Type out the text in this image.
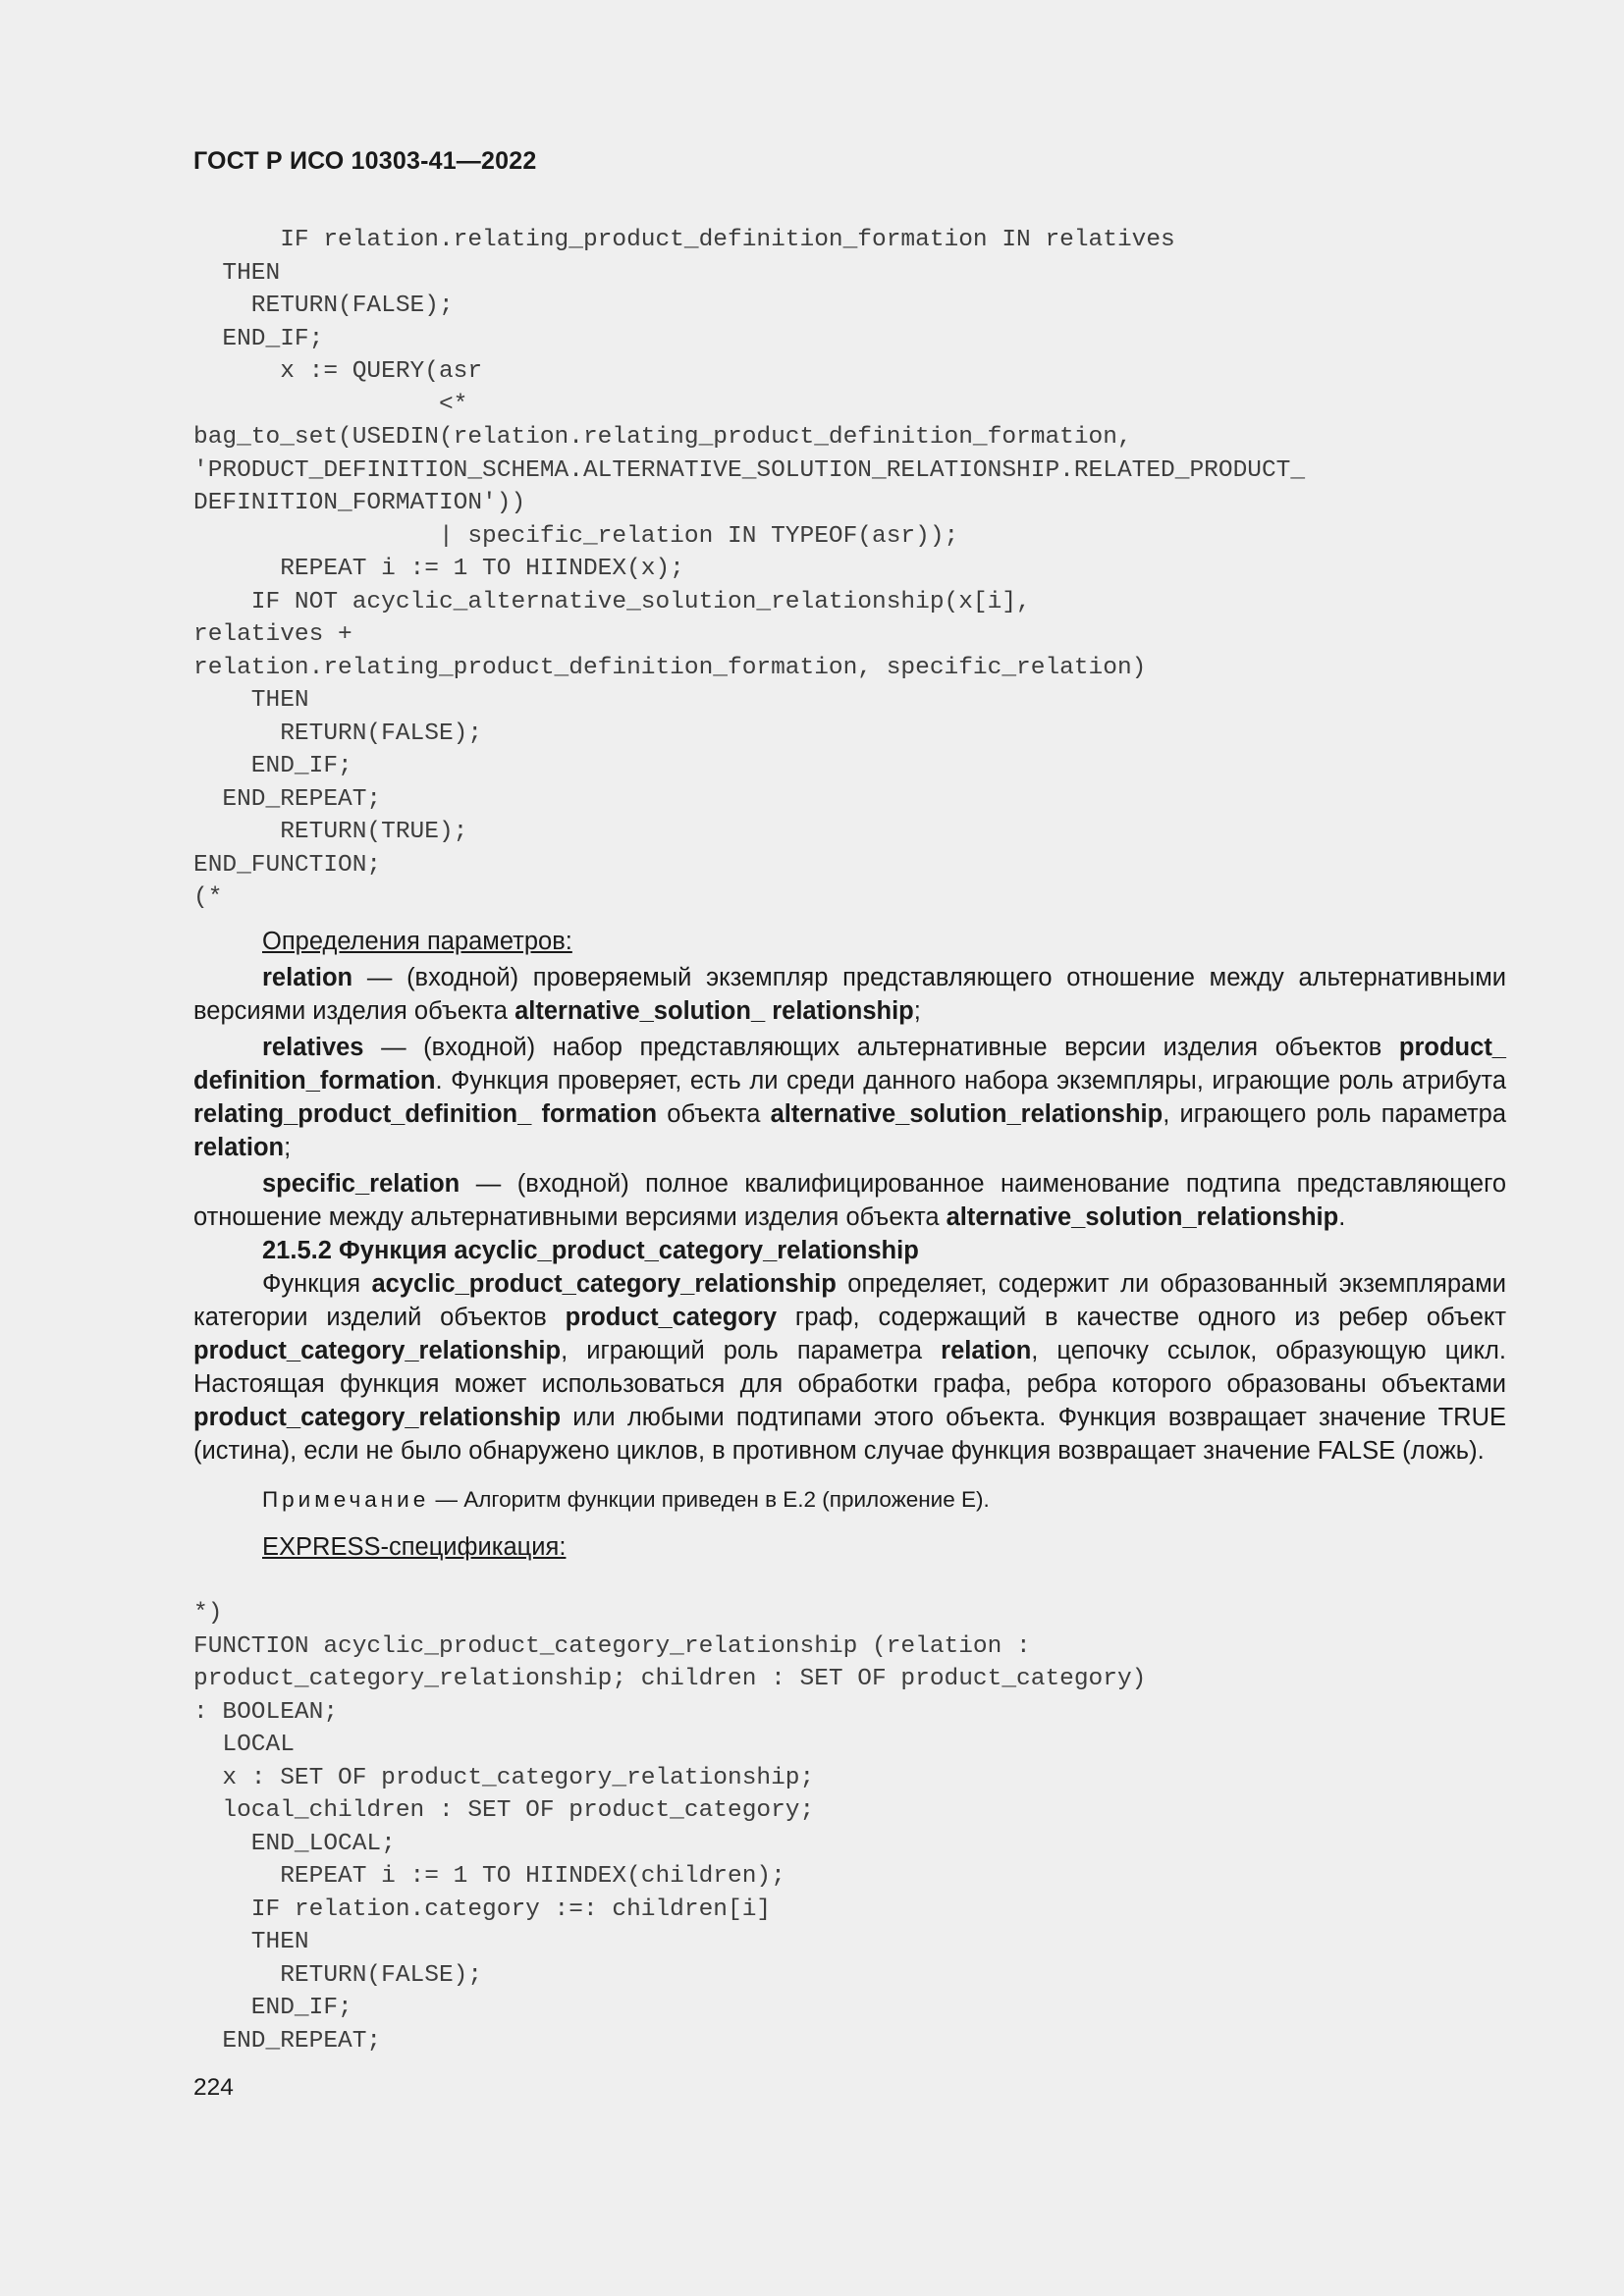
ГОСТ Р ИСО 10303-41—2022
IF relation.relating_product_definition_formation IN relatives
THEN
RETURN(FALSE);
END_IF;
x := QUERY(asr
<*
bag_to_set(USEDIN(relation.relating_product_definition_formation,
'PRODUCT_DEFINITION_SCHEMA.ALTERNATIVE_SOLUTION_RELATIONSHIP.RELATED_PRODUCT_
DEFINITION_FORMATION'))
| specific_relation IN TYPEOF(asr));
REPEAT i := 1 TO HIINDEX(x);
IF NOT acyclic_alternative_solution_relationship(x[i],
relatives +
relation.relating_product_definition_formation, specific_relation)
THEN
RETURN(FALSE);
END_IF;
END_REPEAT;
RETURN(TRUE);
END_FUNCTION;
(*

Определения параметров:

relation — (входной) проверяемый экземпляр представляющего отношение между альтернативными версиями изделия объекта alternative_solution_ relationship;

relatives — (входной) набор представляющих альтернативные версии изделия объектов product_ definition_formation. Функция проверяет, есть ли среди данного набора экземпляры, играющие роль атрибута relating_product_definition_ formation объекта alternative_solution_relationship, играющего роль параметра relation;

specific_relation — (входной) полное квалифицированное наименование подтипа представляющего отношение между альтернативными версиями изделия объекта alternative_solution_relationship.

21.5.2 Функция acyclic_product_category_relationship

Функция acyclic_product_category_relationship определяет, содержит ли образованный экземплярами категории изделий объектов product_category граф, содержащий в качестве одного из ребер объект product_category_relationship, играющий роль параметра relation, цепочку ссылок, образующую цикл. Настоящая функция может использоваться для обработки графа, ребра которого образованы объектами product_category_relationship или любыми подтипами этого объекта. Функция возвращает значение TRUE (истина), если не было обнаружено циклов, в противном случае функция возвращает значение FALSE (ложь).

Примечание — Алгоритм функции приведен в Е.2 (приложение Е).

EXPRESS-спецификация:

*)
FUNCTION acyclic_product_category_relationship (relation :
product_category_relationship; children : SET OF product_category)
: BOOLEAN;
LOCAL
x : SET OF product_category_relationship;
local_children : SET OF product_category;
END_LOCAL;
REPEAT i := 1 TO HIINDEX(children);
IF relation.category :=: children[i]
THEN
RETURN(FALSE);
END_IF;
END_REPEAT;
224
